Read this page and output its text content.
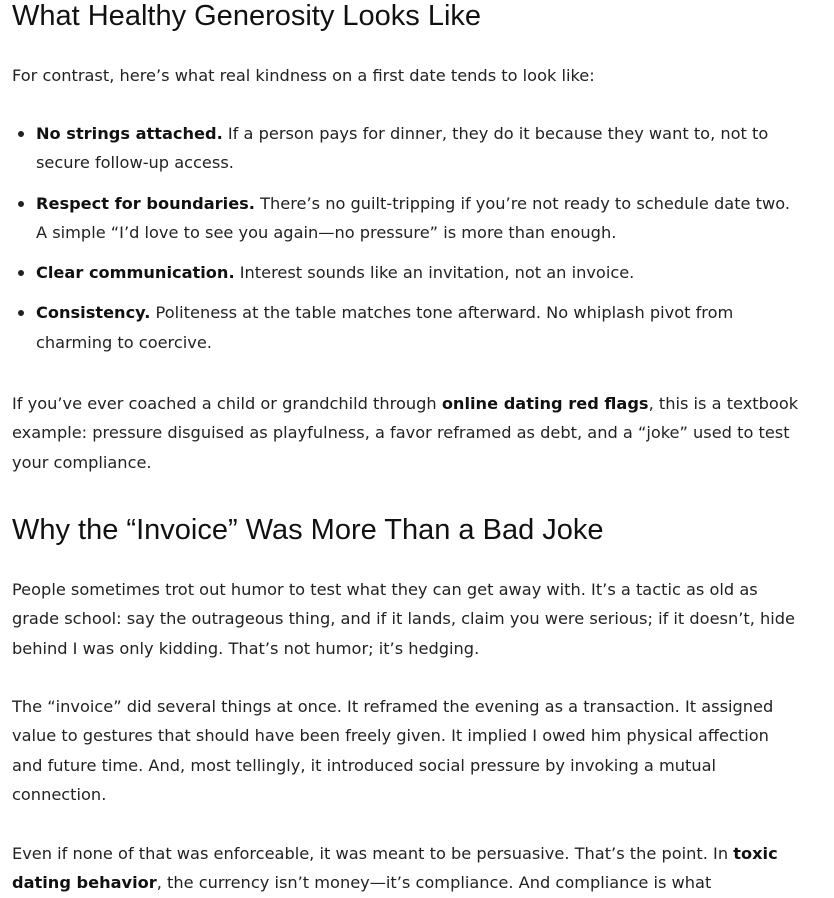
What Healthy Generosity Looks Like

For contrast, here’s what real kindness on a first date tends to look like:

No strings attached. If a person pays for dinner, they do it because they want to, not to secure follow-up access.
Respect for boundaries. There’s no guilt-tripping if you’re not ready to schedule date two. A simple “I’d love to see you again—no pressure” is more than enough.
Clear communication. Interest sounds like an invitation, not an invoice.
Consistency. Politeness at the table matches tone afterward. No whiplash pivot from charming to coercive.

If you’ve ever coached a child or grandchild through online dating red flags, this is a textbook example: pressure disguised as playfulness, a favor reframed as debt, and a “joke” used to test your compliance.

Why the “Invoice” Was More Than a Bad Joke

People sometimes trot out humor to test what they can get away with. It’s a tactic as old as grade school: say the outrageous thing, and if it lands, claim you were serious; if it doesn’t, hide behind I was only kidding. That’s not humor; it’s hedging.

The “invoice” did several things at once. It reframed the evening as a transaction. It assigned value to gestures that should have been freely given. It implied I owed him physical affection and future time. And, most tellingly, it introduced social pressure by invoking a mutual connection.

Even if none of that was enforceable, it was meant to be persuasive. That’s the point. In toxic dating behavior, the currency isn’t money—it’s compliance. And compliance is what
